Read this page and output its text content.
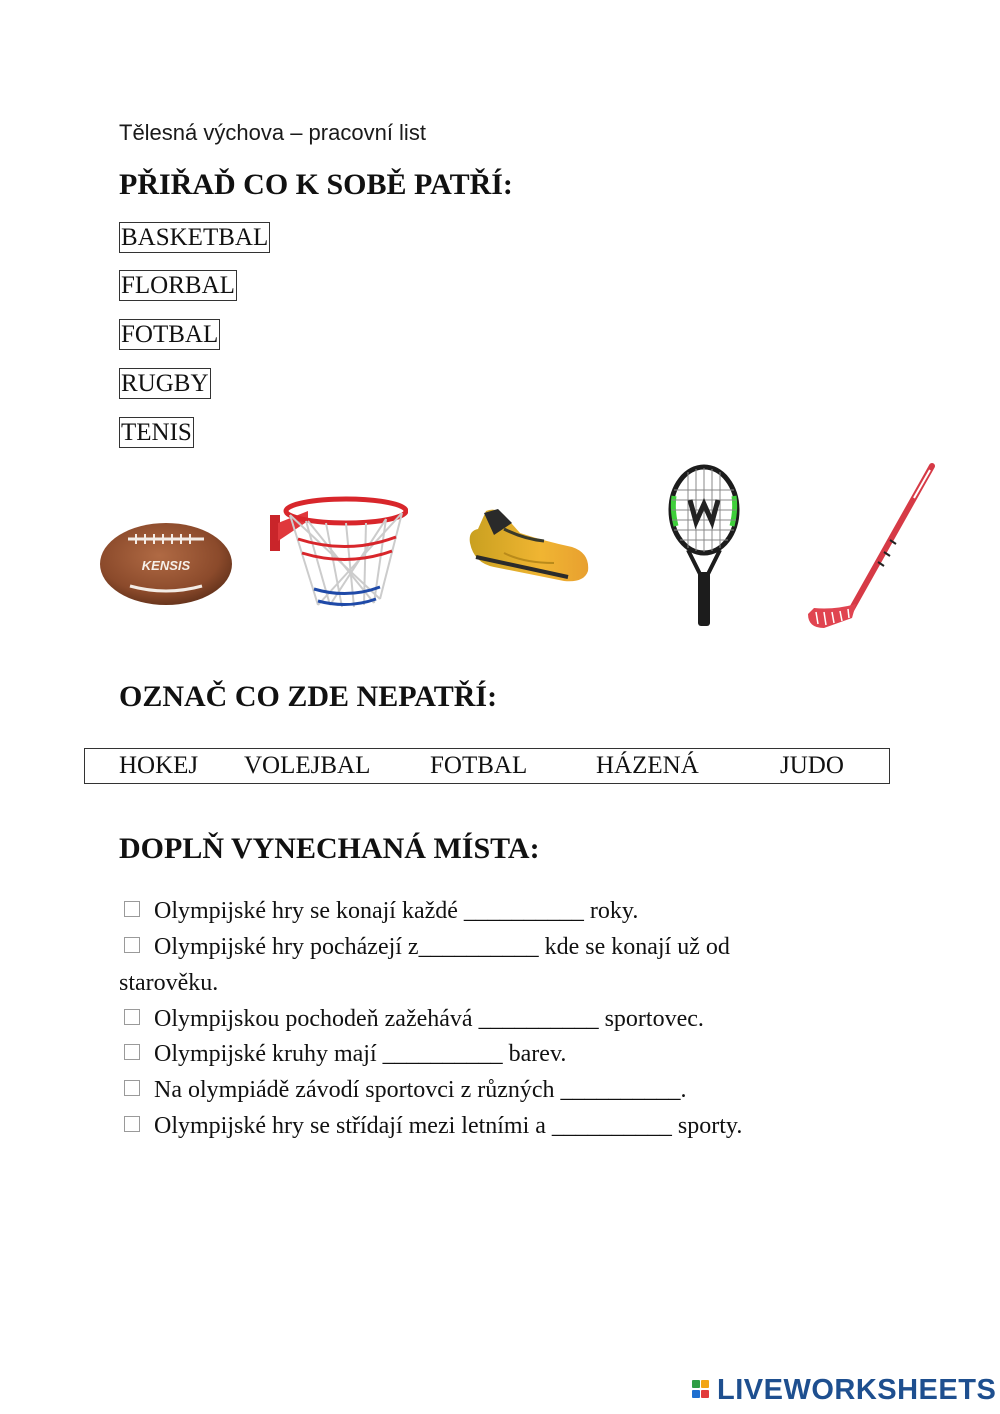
Tělesná výchova – pracovní list
PŘIŘAĎ CO K SOBĚ PATŘÍ:
BASKETBAL
FLORBAL
FOTBAL
RUGBY
TENIS
KENSIS
OZNAČ CO ZDE NEPATŘÍ:
HOKEJ VOLEJBAL FOTBAL	HÁZENÁ	JUDO
DOPLŇ VYNECHANÁ MÍSTA:
Olympijské hry se konají každé __________ roky.
Olympijské hry pocházejí z__________ kde se konají už od
starověku.
Olympijskou pochodeň zažehává __________ sportovec.
Olympijské kruhy mají __________ barev.
Na olympiádě závodí sportovci z různých __________.
Olympijské hry se střídají mezi letními a __________ sporty.
LIVEWORKSHEETS
